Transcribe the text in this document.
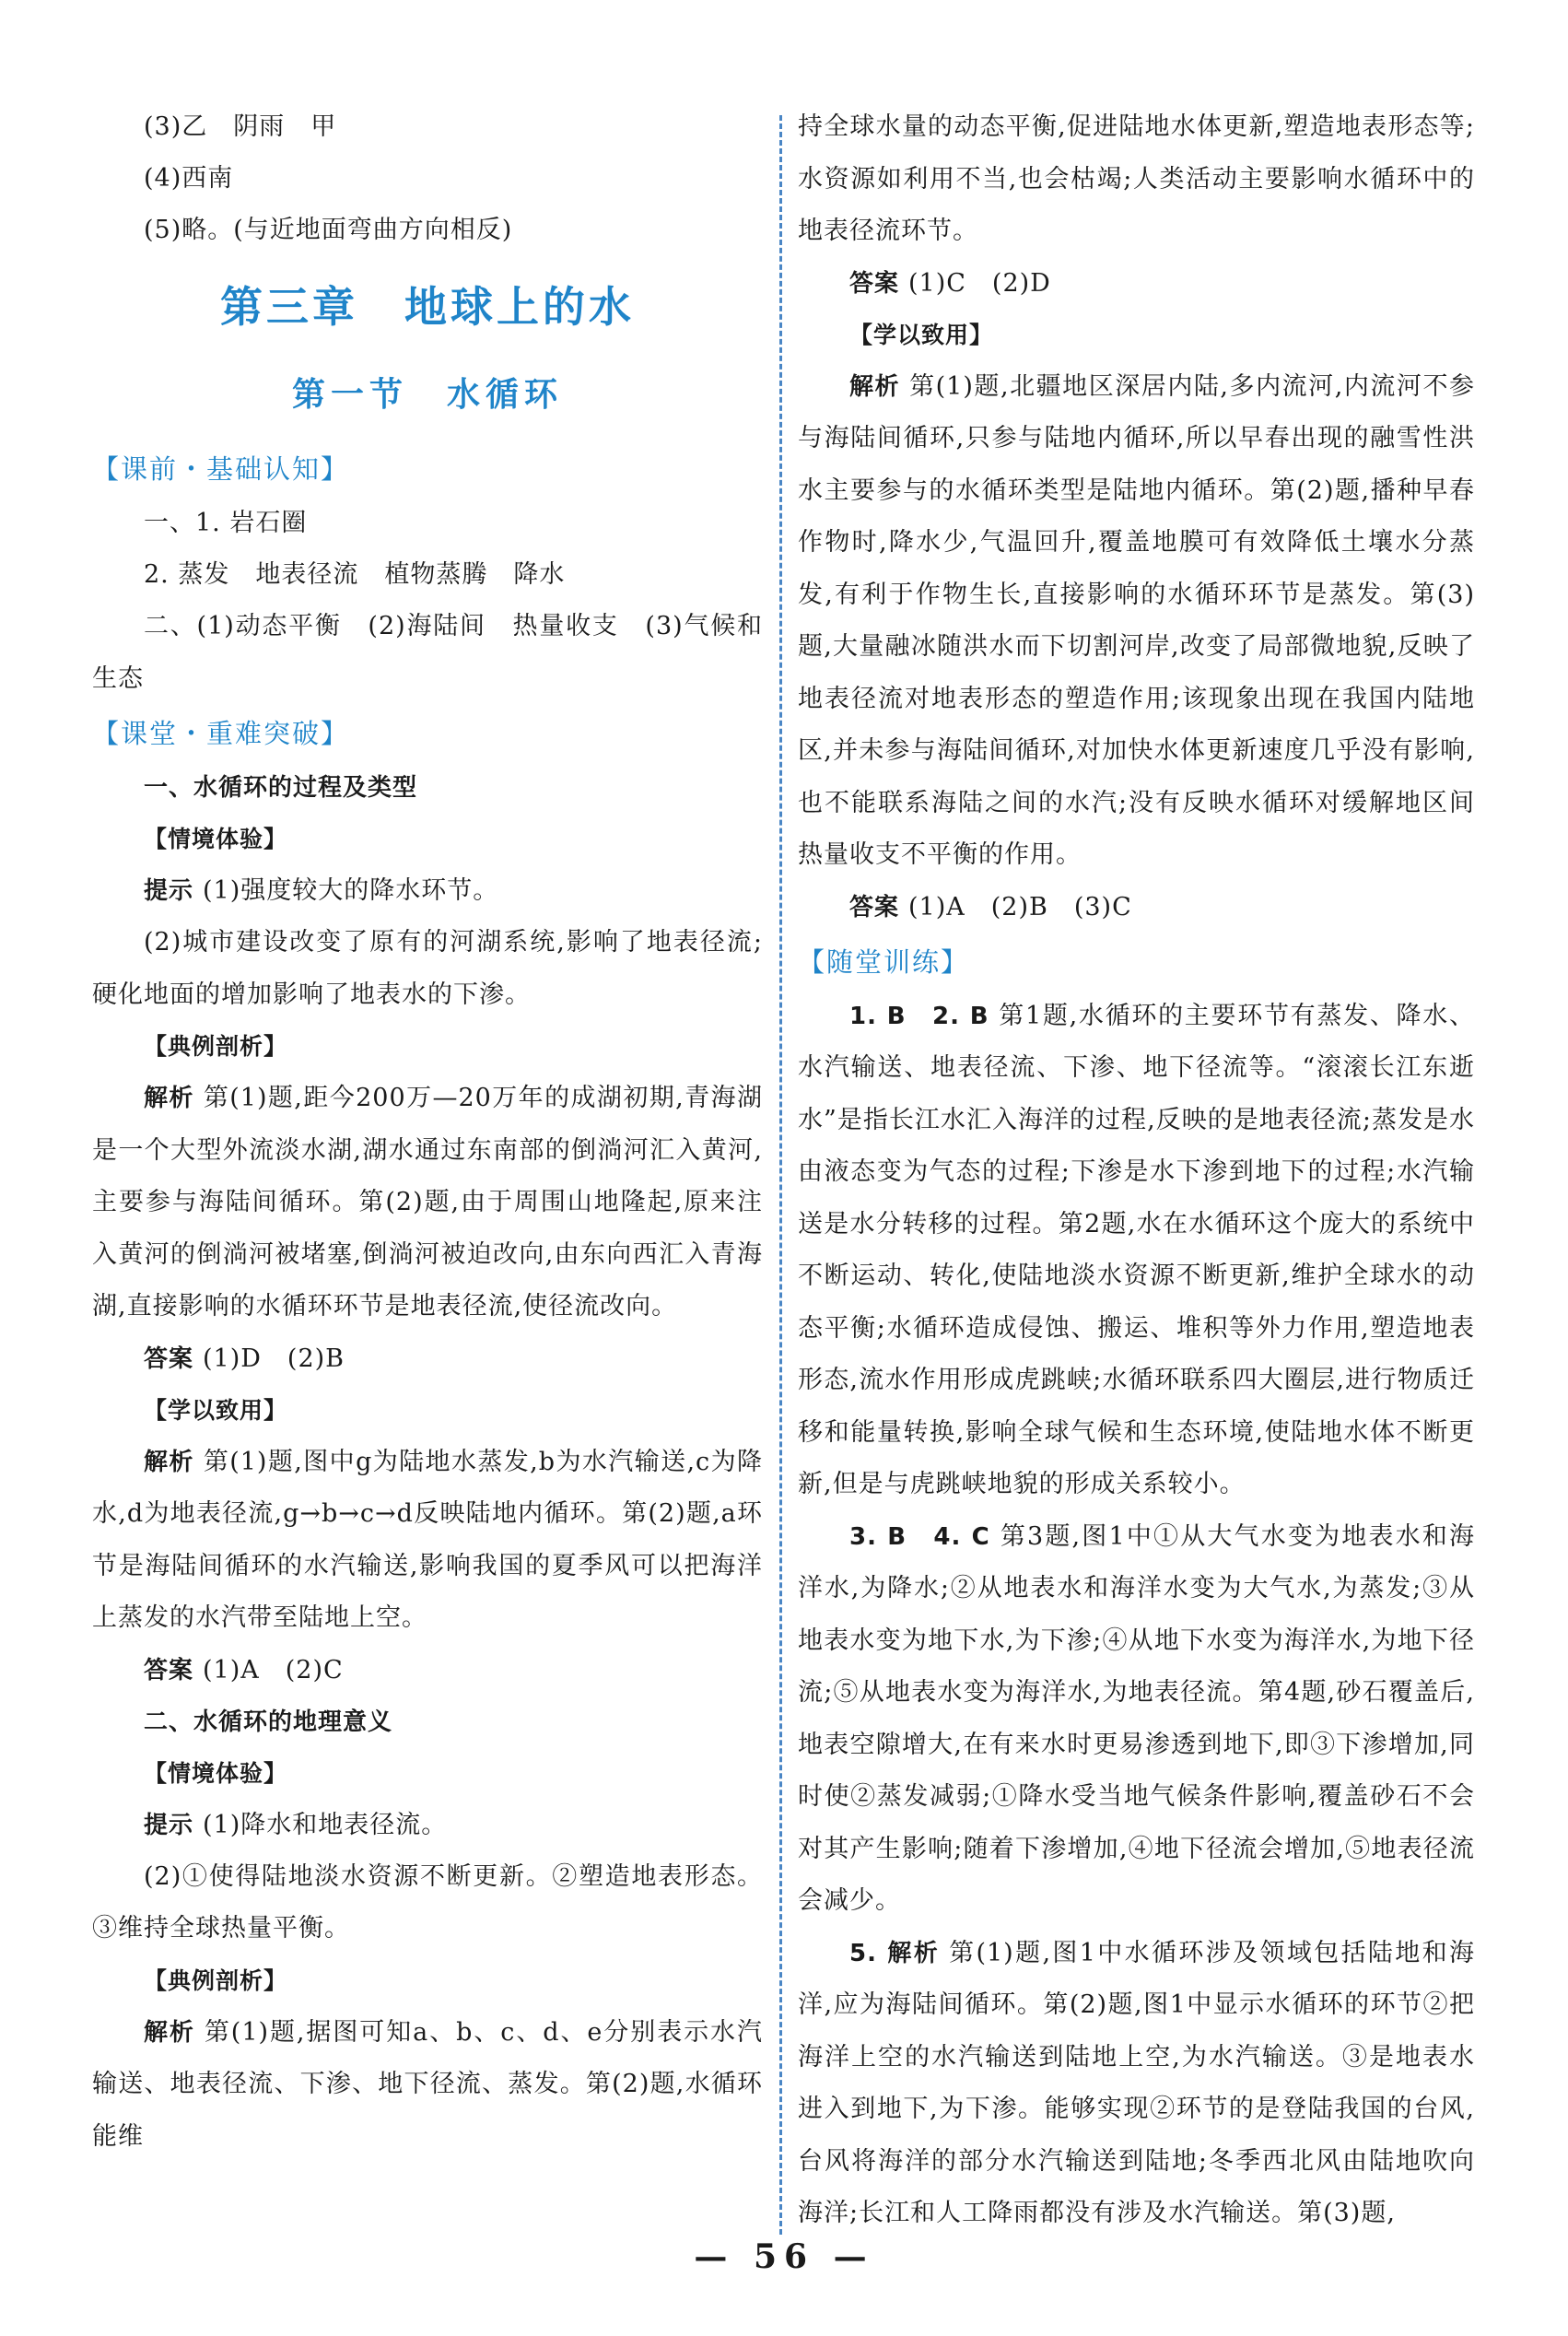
(3)乙　阴雨　甲
(4)西南
(5)略。(与近地面弯曲方向相反)
第三章　地球上的水
第一节　水循环
【课前・基础认知】
一、1. 岩石圈
2. 蒸发　地表径流　植物蒸腾　降水

二、(1)动态平衡　(2)海陆间　热量收支　(3)气候和生态

【课堂・重难突破】
一、水循环的过程及类型
【情境体验】
提示 (1)强度较大的降水环节。

(2)城市建设改变了原有的河湖系统,影响了地表径流;硬化地面的增加影响了地表水的下渗。

【典例剖析】

解析 第(1)题,距今200万—20万年的成湖初期,青海湖是一个大型外流淡水湖,湖水通过东南部的倒淌河汇入黄河,主要参与海陆间循环。第(2)题,由于周围山地隆起,原来注入黄河的倒淌河被堵塞,倒淌河被迫改向,由东向西汇入青海湖,直接影响的水循环环节是地表径流,使径流改向。

答案 (1)D　(2)B
【学以致用】

解析 第(1)题,图中g为陆地水蒸发,b为水汽输送,c为降水,d为地表径流,g→b→c→d反映陆地内循环。第(2)题,a环节是海陆间循环的水汽输送,影响我国的夏季风可以把海洋上蒸发的水汽带至陆地上空。

答案 (1)A　(2)C
二、水循环的地理意义
【情境体验】
提示 (1)降水和地表径流。

(2)①使得陆地淡水资源不断更新。②塑造地表形态。③维持全球热量平衡。

【典例剖析】

解析 第(1)题,据图可知a、b、c、d、e分别表示水汽输送、地表径流、下渗、地下径流、蒸发。第(2)题,水循环能维

持全球水量的动态平衡,促进陆地水体更新,塑造地表形态等;水资源如利用不当,也会枯竭;人类活动主要影响水循环中的地表径流环节。

答案 (1)C　(2)D
【学以致用】

解析 第(1)题,北疆地区深居内陆,多内流河,内流河不参与海陆间循环,只参与陆地内循环,所以早春出现的融雪性洪水主要参与的水循环类型是陆地内循环。第(2)题,播种早春作物时,降水少,气温回升,覆盖地膜可有效降低土壤水分蒸发,有利于作物生长,直接影响的水循环环节是蒸发。第(3)题,大量融冰随洪水而下切割河岸,改变了局部微地貌,反映了地表径流对地表形态的塑造作用;该现象出现在我国内陆地区,并未参与海陆间循环,对加快水体更新速度几乎没有影响,也不能联系海陆之间的水汽;没有反映水循环对缓解地区间热量收支不平衡的作用。

答案 (1)A　(2)B　(3)C
【随堂训练】

1. B　2. B 第1题,水循环的主要环节有蒸发、降水、水汽输送、地表径流、下渗、地下径流等。“滚滚长江东逝水”是指长江水汇入海洋的过程,反映的是地表径流;蒸发是水由液态变为气态的过程;下渗是水下渗到地下的过程;水汽输送是水分转移的过程。第2题,水在水循环这个庞大的系统中不断运动、转化,使陆地淡水资源不断更新,维护全球水的动态平衡;水循环造成侵蚀、搬运、堆积等外力作用,塑造地表形态,流水作用形成虎跳峡;水循环联系四大圈层,进行物质迁移和能量转换,影响全球气候和生态环境,使陆地水体不断更新,但是与虎跳峡地貌的形成关系较小。

3. B　4. C 第3题,图1中①从大气水变为地表水和海洋水,为降水;②从地表水和海洋水变为大气水,为蒸发;③从地表水变为地下水,为下渗;④从地下水变为海洋水,为地下径流;⑤从地表水变为海洋水,为地表径流。第4题,砂石覆盖后,地表空隙增大,在有来水时更易渗透到地下,即③下渗增加,同时使②蒸发减弱;①降水受当地气候条件影响,覆盖砂石不会对其产生影响;随着下渗增加,④地下径流会增加,⑤地表径流会减少。

5. 解析 第(1)题,图1中水循环涉及领域包括陆地和海洋,应为海陆间循环。第(2)题,图1中显示水循环的环节②把海洋上空的水汽输送到陆地上空,为水汽输送。③是地表水进入到地下,为下渗。能够实现②环节的是登陆我国的台风,台风将海洋的部分水汽输送到陆地;冬季西北风由陆地吹向海洋;长江和人工降雨都没有涉及水汽输送。第(3)题,

— 56 —
